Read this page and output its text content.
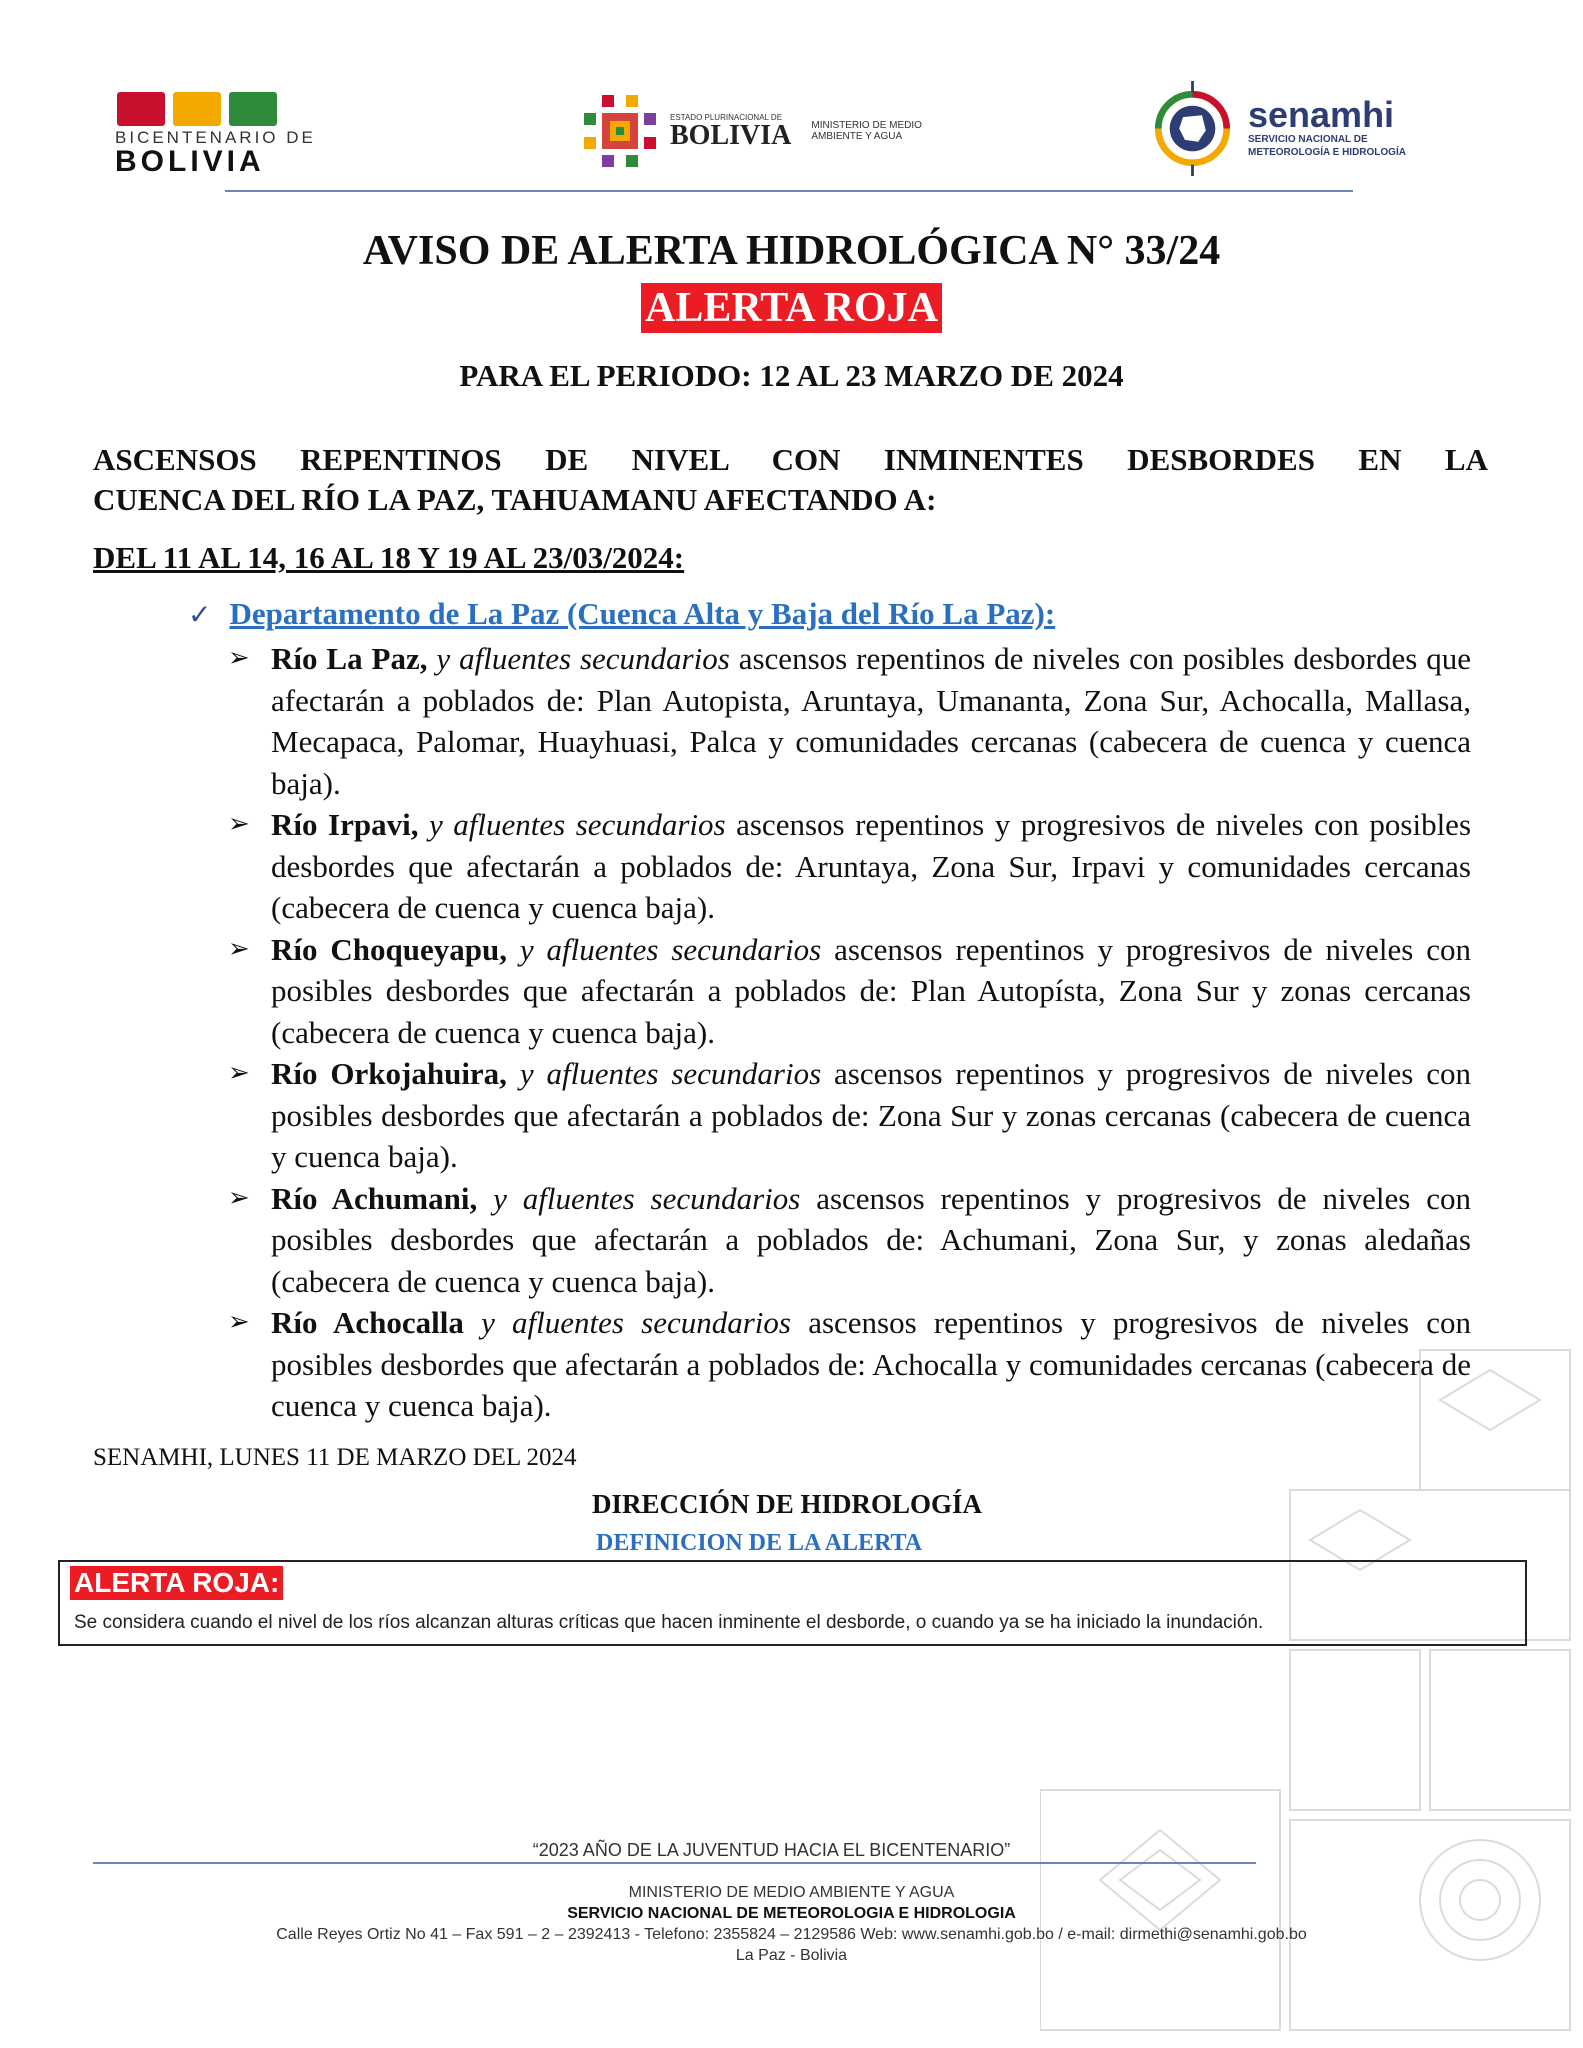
BICENTENARIO DE
BOLIVIA
ESTADO PLURINACIONAL DE
BOLIVIA MINISTERIO DE MEDIO AMBIENTE Y AGUA
senamhi
SERVICIO NACIONAL DE METEOROLOGÍA E HIDROLOGÍA
AVISO DE ALERTA HIDROLÓGICA N° 33/24
ALERTA ROJA
PARA EL PERIODO: 12 AL 23 MARZO DE 2024
ASCENSOS REPENTINOS DE NIVEL CON INMINENTES DESBORDES EN LA
CUENCA DEL RÍO LA PAZ, TAHUAMANU AFECTANDO A:
DEL 11 AL 14, 16 AL 18 Y 19 AL 23/03/2024:
✓ Departamento de La Paz (Cuenca Alta y Baja del Río La Paz):
➢ Río La Paz, y afluentes secundarios ascensos repentinos de niveles con posibles desbordes que afectarán a poblados de: Plan Autopista, Aruntaya, Umananta, Zona Sur, Achocalla, Mallasa, Mecapaca, Palomar, Huayhuasi, Palca y comunidades cercanas (cabecera de cuenca y cuenca baja).
➢ Río Irpavi, y afluentes secundarios ascensos repentinos y progresivos de niveles con posibles desbordes que afectarán a poblados de: Aruntaya, Zona Sur, Irpavi y comunidades cercanas (cabecera de cuenca y cuenca baja).
➢ Río Choqueyapu, y afluentes secundarios ascensos repentinos y progresivos de niveles con posibles desbordes que afectarán a poblados de: Plan Autopísta, Zona Sur y zonas cercanas (cabecera de cuenca y cuenca baja).
➢ Río Orkojahuira, y afluentes secundarios ascensos repentinos y progresivos de niveles con posibles desbordes que afectarán a poblados de: Zona Sur y zonas cercanas (cabecera de cuenca y cuenca baja).
➢ Río Achumani, y afluentes secundarios ascensos repentinos y progresivos de niveles con posibles desbordes que afectarán a poblados de: Achumani, Zona Sur, y zonas aledañas (cabecera de cuenca y cuenca baja).
➢ Río Achocalla y afluentes secundarios ascensos repentinos y progresivos de niveles con posibles desbordes que afectarán a poblados de: Achocalla y comunidades cercanas (cabecera de cuenca y cuenca baja).
SENAMHI, LUNES 11 DE MARZO DEL 2024
DIRECCIÓN DE HIDROLOGÍA
DEFINICION DE LA ALERTA
ALERTA ROJA:
Se considera cuando el nivel de los ríos alcanzan alturas críticas que hacen inminente el desborde, o cuando ya se ha iniciado la inundación.
“2023 AÑO DE LA JUVENTUD HACIA EL BICENTENARIO”
MINISTERIO DE MEDIO AMBIENTE Y AGUA
SERVICIO NACIONAL DE METEOROLOGIA E HIDROLOGIA
Calle Reyes Ortiz No 41 – Fax 591 – 2 – 2392413 - Telefono: 2355824 – 2129586 Web: www.senamhi.gob.bo / e-mail: dirmethi@senamhi.gob.bo
La Paz - Bolivia
